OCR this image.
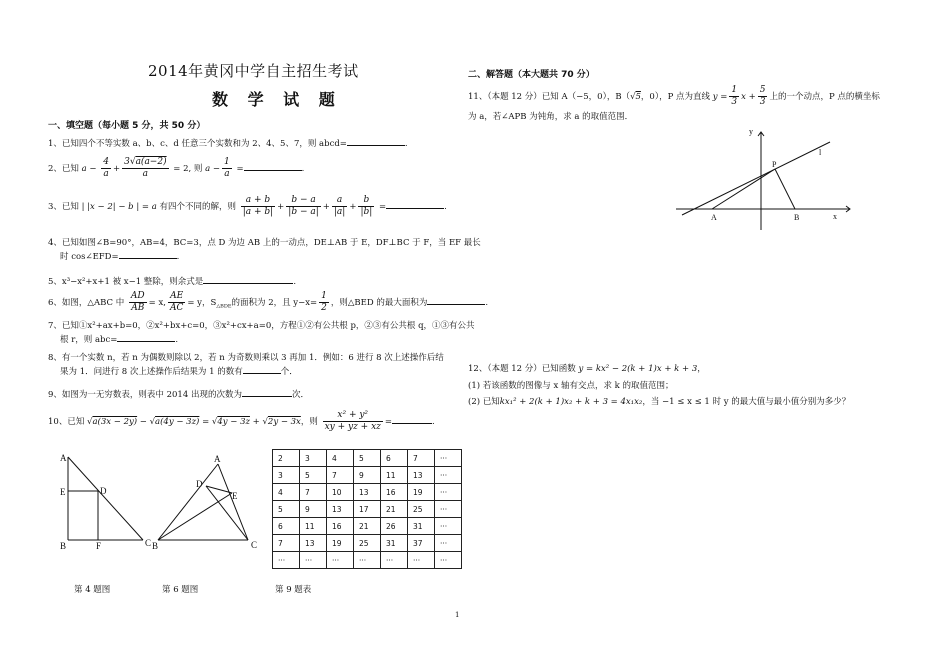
2014年黄冈中学自主招生考试
数 学 试 题
一、填空题（每小题 5 分，共 50 分）
1、已知四个不等实数 a、b、c、d 任意三个实数和为 2、4、5、7，则 abcd=	.
2、已知 $a - \frac{4}{a} + \frac{3√a(a-2)}{a} = 2$, 则 $a - \frac{1}{a}$ =	.
3、已知 | |x − 2| − b | = a 有四个不同的解，则 $\frac{a + b}{|a + b|} + \frac{b - a}{|b - a|} + \frac{a}{|a|} + \frac{b}{|b|}$ =	.
4、已知如图∠B=90°，AB=4，BC=3，点 D 为边 AB 上的一动点，DE⊥AB 于 E，DF⊥BC 于 F，当 EF 最长
时 cos∠EFD=	.
5、x³−x²+x+1 被 x−1 整除，则余式是	.
6、如图，△ABC 中 $\frac{AD}{AB} = x$, $\frac{AE}{AC} = y$，$S_{\triangle BDE}$的面积为 2，且 $y-x= \frac{1}{2}$ ，则△BED 的最大面积为	.
7、已知①x²+ax+b=0，②x²+bx+c=0，③x²+cx+a=0，方程①②有公共根 p，②③有公共根 q，①③有公共
根 r，则 abc=	.
8、有一个实数 n，若 n 为偶数则除以 2，若 n 为奇数则乘以 3 再加 1．例如：6 进行 8 次上述操作后结
果为 1．问进行 8 次上述操作后结果为 1 的数有	个．
9、如图为一无穷数表，则表中 2014 出现的次数为	次．
10、已知 √a(3x − 2y) − √a(4y − 3z) = √4y − 3z + √2y − 3x，则 $\frac{\text{x² + y²}}{xy + yz + xz}$ =	.
A
E	D
B	F	C
A
D
E
B	C
2	3	4	5	6	7	···
3	5	7	9	11	13	···
4	7	10	13	16	19	···
5	9	13	17	21	25	···
6	11	16	21	26	31	···
7	13	19	25	31	37	···
···	···	···	···	···	···	···
第 4 题图	第 6 题图	第 9 题表
二、解答题（本大题共 70 分）
11、（本题 12 分）已知 A（−5，0），B（√5，0），P 点为直线 $y = \frac{1}{3}$ $x + \frac{5}{3}$ 上的一个动点，P 点的横坐标
为 a，若∠APB 为钝角，求 a 的取值范围．
y
x
l
P
A	B
12、（本题 12 分）已知函数 y = kx² − 2(k + 1)x + k + 3，
(1) 若该函数的图像与 x 轴有交点，求 k 的取值范围；
(2) 已知kx₁² + 2(k + 1)x₂ + k + 3 = 4x₁x₂，当 −1 ≤ x ≤ 1 时 y 的最大值与最小值分别为多少？
1
